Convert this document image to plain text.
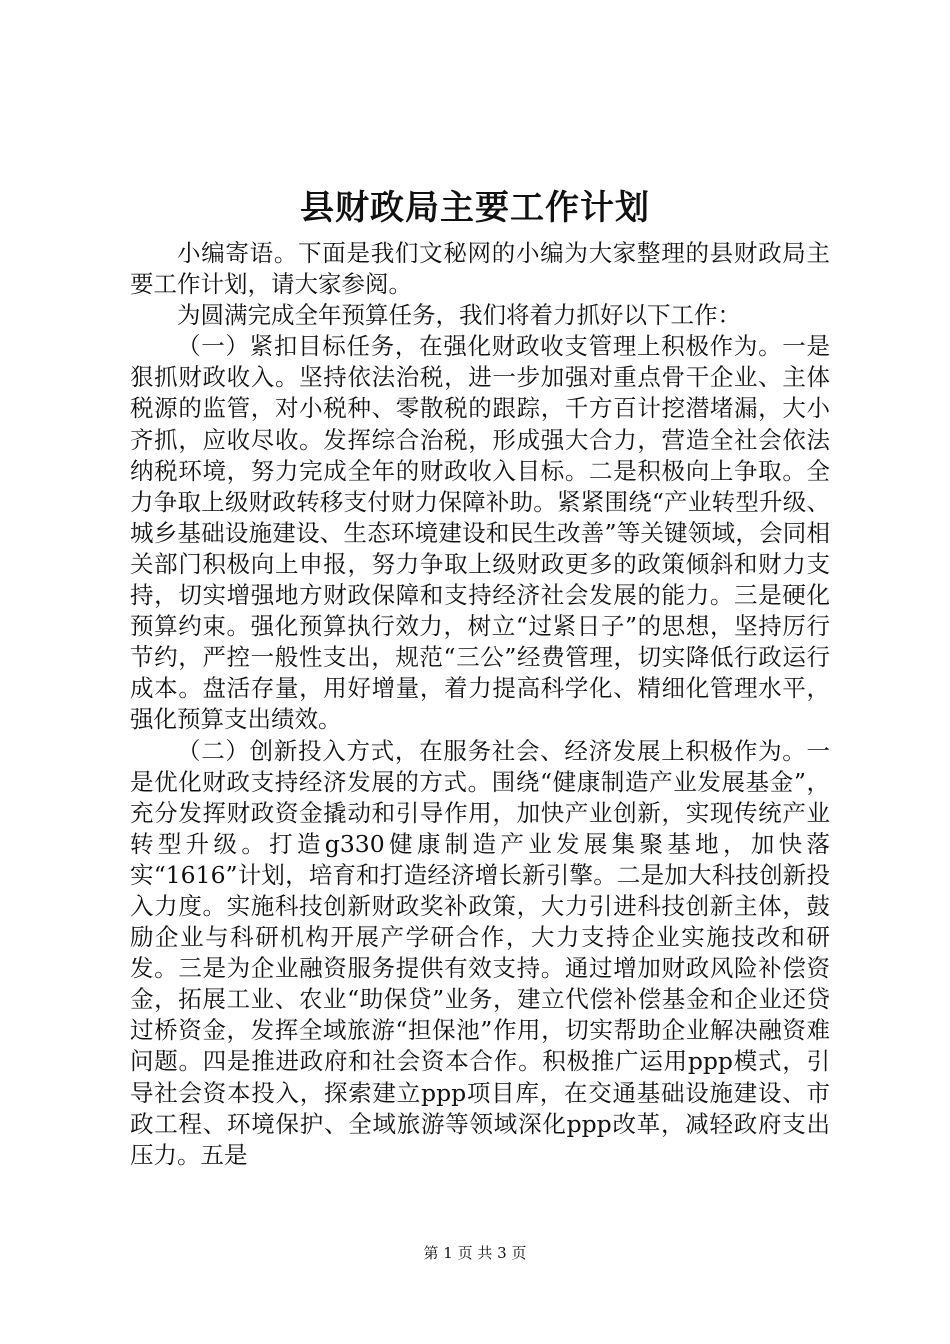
县财政局主要工作计划

小编寄语。下面是我们文秘网的小编为大家整理的县财政局主要工作计划，请大家参阅。

为圆满完成全年预算任务，我们将着力抓好以下工作：

（一）紧扣目标任务，在强化财政收支管理上积极作为。一是狠抓财政收入。坚持依法治税，进一步加强对重点骨干企业、主体税源的监管，对小税种、零散税的跟踪，千方百计挖潜堵漏，大小齐抓，应收尽收。发挥综合治税，形成强大合力，营造全社会依法纳税环境，努力完成全年的财政收入目标。二是积极向上争取。全力争取上级财政转移支付财力保障补助。紧紧围绕“产业转型升级、城乡基础设施建设、生态环境建设和民生改善”等关键领域，会同相关部门积极向上申报，努力争取上级财政更多的政策倾斜和财力支持，切实增强地方财政保障和支持经济社会发展的能力。三是硬化预算约束。强化预算执行效力，树立“过紧日子”的思想，坚持厉行节约，严控一般性支出，规范“三公”经费管理，切实降低行政运行成本。盘活存量，用好增量，着力提高科学化、精细化管理水平，强化预算支出绩效。

（二）创新投入方式，在服务社会、经济发展上积极作为。一是优化财政支持经济发展的方式。围绕“健康制造产业发展基金”，充分发挥财政资金撬动和引导作用，加快产业创新，实现传统产业转型升级。打造g330健康制造产业发展集聚基地，加快落实“1616”计划，培育和打造经济增长新引擎。二是加大科技创新投入力度。实施科技创新财政奖补政策，大力引进科技创新主体，鼓励企业与科研机构开展产学研合作，大力支持企业实施技改和研发。三是为企业融资服务提供有效支持。通过增加财政风险补偿资金，拓展工业、农业“助保贷”业务，建立代偿补偿基金和企业还贷过桥资金，发挥全域旅游“担保池”作用，切实帮助企业解决融资难问题。四是推进政府和社会资本合作。积极推广运用ppp模式，引导社会资本投入，探索建立ppp项目库，在交通基础设施建设、市政工程、环境保护、全域旅游等领域深化ppp改革，减轻政府支出压力。五是

第 1 页 共 3 页
